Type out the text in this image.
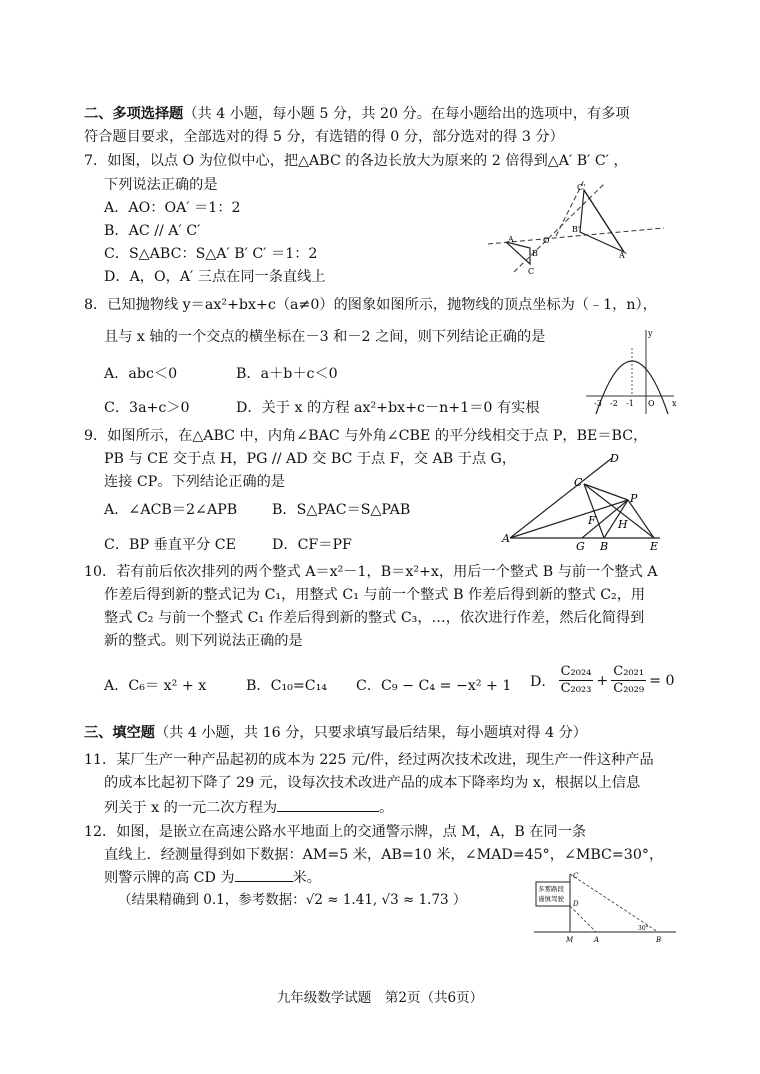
二、多项选择题（共 4 小题，每小题 5 分，共 20 分。在每小题给出的选项中，有多项
符合题目要求，全部选对的得 5 分，有选错的得 0 分，部分选对的得 3 分）
7．如图，以点 O 为位似中心，把△ABC 的各边长放大为原来的 2 倍得到△A′ B′ C′ ，
下列说法正确的是
A．AO：OA′ ＝1：2
B．AC // A′ C′
C．S△ABC：S△A′ B′ C′ ＝1：2
D．A，O，A′ 三点在同一条直线上
C'
B'
A'
O
A
B
C
8．已知抛物线 y＝ax²+bx+c（a≠0）的图象如图所示，抛物线的顶点坐标为（﹣1，n），
且与 x 轴的一个交点的横坐标在－3 和－2 之间，则下列结论正确的是
A．abc＜0	B．a＋b＋c＜0
C．3a+c＞0	D．关于 x 的方程 ax²+bx+c－n+1＝0 有实根
y
x
-3 -2 -1 O
9．如图所示，在△ABC 中，内角∠BAC 与外角∠CBE 的平分线相交于点 P，BE＝BC，
PB 与 CE 交于点 H，PG // AD 交 BC 于点 F，交 AB 于点 G，
连接 CP。下列结论正确的是
A．∠ACB＝2∠APB B．S△PAC＝S△PAB
C．BP 垂直平分 CE	D．CF＝PF
D
C
P
F H
A
G B	E
10．若有前后依次排列的两个整式 A＝x²－1，B＝x²+x，用后一个整式 B 与前一个整式 A
作差后得到新的整式记为 C₁，用整式 C₁ 与前一个整式 B 作差后得到新的整式 C₂，用
整式 C₂ 与前一个整式 C₁ 作差后得到新的整式 C₃，…，依次进行作差，然后化简得到
新的整式。则下列说法正确的是
A．C₆＝ x² + x	B．C₁₀=C₁₄ C．C₉ − C₄ = −x² + 1 D． $\frac{\text{C₂₀₂₄}}{\text{C₂₀₂₃}} + \frac{\text{C₂₀₂₁}}{\text{C₂₀₂₉}} = 0$
三、填空题（共 4 小题，共 16 分，只要求填写最后结果，每小题填对得 4 分）
11．某厂生产一种产品起初的成本为 225 元/件，经过两次技术改进，现生产一件这种产品
的成本比起初下降了 29 元，设每次技术改进产品的成本下降率均为 x，根据以上信息
列关于 x 的一元二次方程为	。
12．如图，是嵌立在高速公路水平地面上的交通警示牌，点 M，A，B 在同一条
直线上．经测量得到如下数据：AM=5 米，AB=10 米，∠MAD=45°，∠MBC=30°，
则警示牌的高 CD 为	米。
（结果精确到 0.1，参考数据：√2 ≈ 1.41, √3 ≈ 1.73 ）
多雾路段
谨慎驾驶
C
D
M	A	B
30°
九年级数学试题　第2页（共6页）
